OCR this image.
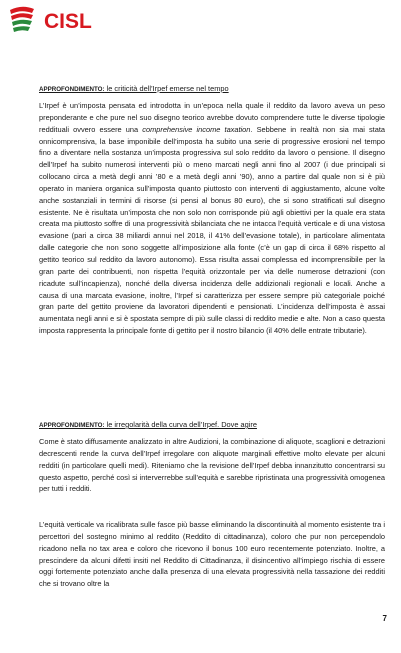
CISL
APPROFONDIMENTO: le criticità dell’Irpef emerse nel tempo

L’Irpef è un’imposta pensata ed introdotta in un’epoca nella quale il reddito da lavoro aveva un peso preponderante e che pure nel suo disegno teorico avrebbe dovuto comprendere tutte le diverse tipologie reddituali ovvero essere una comprehensive income taxation. Sebbene in realtà non sia mai stata onnicomprensiva, la base imponibile dell’imposta ha subito una serie di progressive erosioni nel tempo fino a diventare nella sostanza un’imposta progressiva sul solo reddito da lavoro o pensione. Il disegno dell’Irpef ha subito numerosi interventi più o meno marcati negli anni fino al 2007 (i due principali si collocano circa a metà degli anni ’80 e a metà degli anni ’90), anno a partire dal quale non si è più operato in maniera organica sull’imposta quanto piuttosto con interventi di aggiustamento, alcune volte anche sostanziali in termini di risorse (si pensi al bonus 80 euro), che si sono stratificati sul disegno esistente. Ne è risultata un’imposta che non solo non corrisponde più agli obiettivi per la quale era stata creata ma piuttosto soffre di una progressività sbilanciata che ne intacca l’equità verticale e di una vistosa evasione (pari a circa 38 miliardi annui nel 2018, il 41% dell’evasione totale), in particolare alimentata dalle categorie che non sono soggette all’imposizione alla fonte (c’è un gap di circa il 68% rispetto al gettito teorico sul reddito da lavoro autonomo). Essa risulta assai complessa ed incomprensibile per la gran parte dei contribuenti, non rispetta l’equità orizzontale per via delle numerose detrazioni (con ricadute sull’incapienza), nonché della diversa incidenza delle addizionali regionali e locali. Anche a causa di una marcata evasione, inoltre, l’Irpef si caratterizza per essere sempre più categoriale poiché gran parte del gettito proviene da lavoratori dipendenti e pensionati. L’incidenza dell’imposta è assai aumentata negli anni e si è spostata sempre di più sulle classi di reddito medie e alte. Non a caso questa imposta rappresenta la principale fonte di gettito per il nostro bilancio (il 40% delle entrate tributarie).

APPROFONDIMENTO: le irregolarità della curva dell’Irpef. Dove agire

Come è stato diffusamente analizzato in altre Audizioni, la combinazione di aliquote, scaglioni e detrazioni decrescenti rende la curva dell’Irpef irregolare con aliquote marginali effettive molto elevate per alcuni redditi (in particolare quelli medi). Riteniamo che la revisione dell’Irpef debba innanzitutto concentrarsi su questo aspetto, perché così si interverrebbe sull’equità e sarebbe ripristinata una progressività omogenea per tutti i redditi.

L’equità verticale va ricalibrata sulle fasce più basse eliminando la discontinuità al momento esistente tra i percettori del sostegno minimo al reddito (Reddito di cittadinanza), coloro che pur non percependolo ricadono nella no tax area e coloro che ricevono il bonus 100 euro recentemente potenziato. Inoltre, a prescindere da alcuni difetti insiti nel Reddito di Cittadinanza, il disincentivo all’impiego rischia di essere oggi fortemente potenziato anche dalla presenza di una elevata progressività nella tassazione dei redditi che si trovano oltre la

7
